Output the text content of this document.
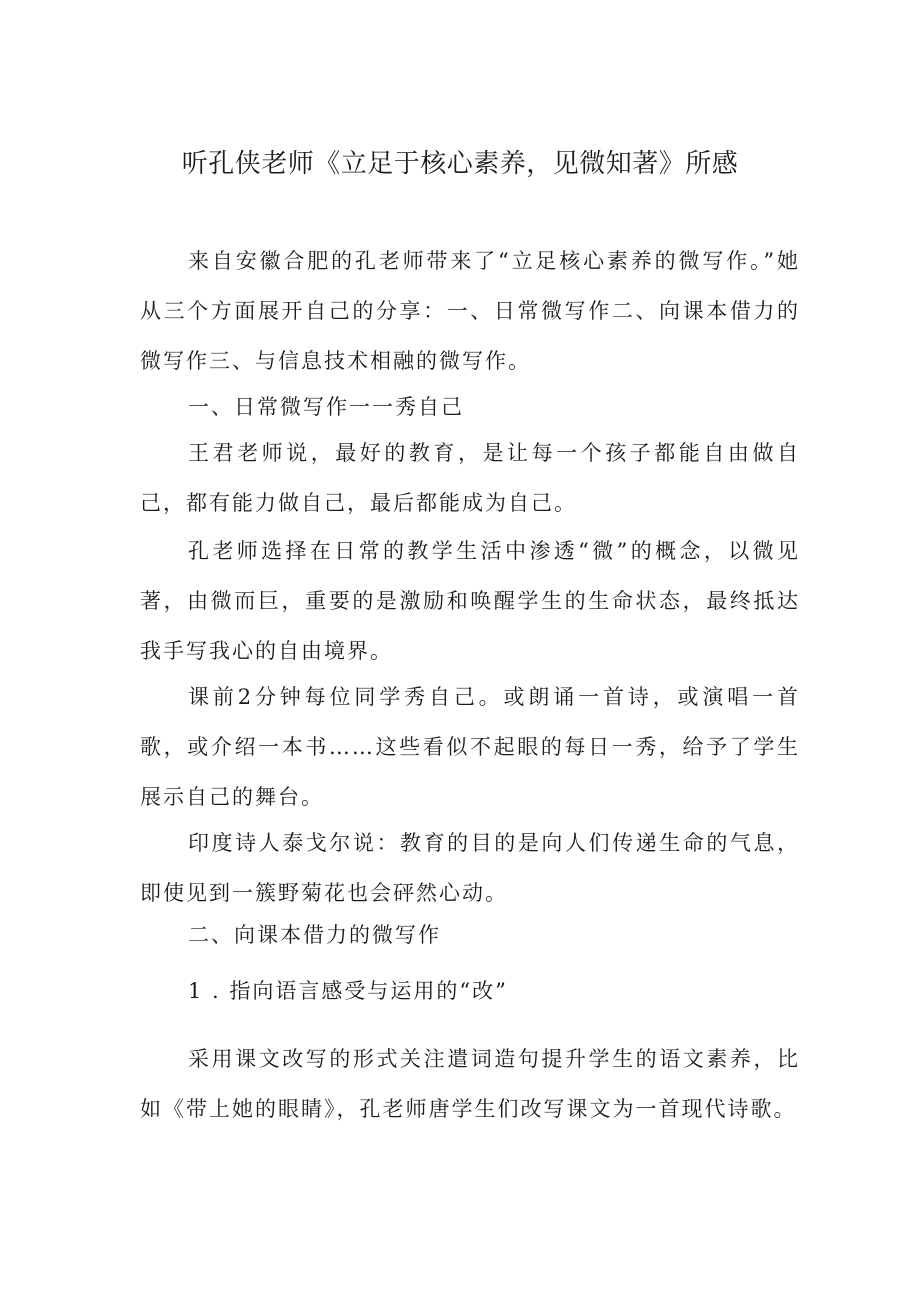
听孔侠老师《立足于核心素养，见微知著》所感

来自安徽合肥的孔老师带来了“立足核心素养的微写作。”她从三个方面展开自己的分享：一、日常微写作二、向课本借力的微写作三、与信息技术相融的微写作。

一、日常微写作一一秀自己

王君老师说，最好的教育，是让每一个孩子都能自由做自己，都有能力做自己，最后都能成为自己。

孔老师选择在日常的教学生活中渗透“微”的概念，以微见著，由微而巨，重要的是激励和唤醒学生的生命状态，最终抵达我手写我心的自由境界。

课前2分钟每位同学秀自己。或朗诵一首诗，或演唱一首歌，或介绍一本书……这些看似不起眼的每日一秀，给予了学生展示自己的舞台。

印度诗人泰戈尔说：教育的目的是向人们传递生命的气息，即使见到一簇野菊花也会砰然心动。

二、向课本借力的微写作
1 . 指向语言感受与运用的“改”

采用课文改写的形式关注遣词造句提升学生的语文素养，比如《带上她的眼睛》，孔老师唐学生们改写课文为一首现代诗歌。
